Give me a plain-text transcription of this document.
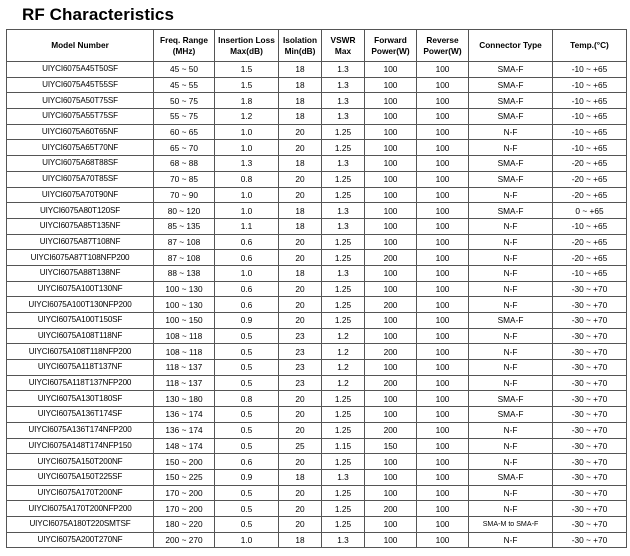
RF Characteristics
Model Number	Freq. Range (MHz)	Insertion Loss Max(dB)	Isolation Min(dB)	VSWR Max	Forward Power(W)	Reverse Power(W)	Connector Type	Temp.(°C)
UIYCI6075A45T50SF	45 ~ 50	1.5	18	1.3	100	100	SMA-F	-10 ~ +65
UIYCI6075A45T55SF	45 ~ 55	1.5	18	1.3	100	100	SMA-F	-10 ~ +65
UIYCI6075A50T75SF	50 ~ 75	1.8	18	1.3	100	100	SMA-F	-10 ~ +65
UIYCI6075A55T75SF	55 ~ 75	1.2	18	1.3	100	100	SMA-F	-10 ~ +65
UIYCI6075A60T65NF	60 ~ 65	1.0	20	1.25	100	100	N-F	-10 ~ +65
UIYCI6075A65T70NF	65 ~ 70	1.0	20	1.25	100	100	N-F	-10 ~ +65
UIYCI6075A68T88SF	68 ~ 88	1.3	18	1.3	100	100	SMA-F	-20 ~ +65
UIYCI6075A70T85SF	70 ~ 85	0.8	20	1.25	100	100	SMA-F	-20 ~ +65
UIYCI6075A70T90NF	70 ~ 90	1.0	20	1.25	100	100	N-F	-20 ~ +65
UIYCI6075A80T120SF	80 ~ 120	1.0	18	1.3	100	100	SMA-F	0 ~ +65
UIYCI6075A85T135NF	85 ~ 135	1.1	18	1.3	100	100	N-F	-10 ~ +65
UIYCI6075A87T108NF	87 ~ 108	0.6	20	1.25	100	100	N-F	-20 ~ +65
UIYCI6075A87T108NFP200	87 ~ 108	0.6	20	1.25	200	100	N-F	-20 ~ +65
UIYCI6075A88T138NF	88 ~ 138	1.0	18	1.3	100	100	N-F	-10 ~ +65
UIYCI6075A100T130NF	100 ~ 130	0.6	20	1.25	100	100	N-F	-30 ~ +70
UIYCI6075A100T130NFP200	100 ~ 130	0.6	20	1.25	200	100	N-F	-30 ~ +70
UIYCI6075A100T150SF	100 ~ 150	0.9	20	1.25	100	100	SMA-F	-30 ~ +70
UIYCI6075A108T118NF	108 ~ 118	0.5	23	1.2	100	100	N-F	-30 ~ +70
UIYCI6075A108T118NFP200	108 ~ 118	0.5	23	1.2	200	100	N-F	-30 ~ +70
UIYCI6075A118T137NF	118 ~ 137	0.5	23	1.2	100	100	N-F	-30 ~ +70
UIYCI6075A118T137NFP200	118 ~ 137	0.5	23	1.2	200	100	N-F	-30 ~ +70
UIYCI6075A130T180SF	130 ~ 180	0.8	20	1.25	100	100	SMA-F	-30 ~ +70
UIYCI6075A136T174SF	136 ~ 174	0.5	20	1.25	100	100	SMA-F	-30 ~ +70
UIYCI6075A136T174NFP200	136 ~ 174	0.5	20	1.25	200	100	N-F	-30 ~ +70
UIYCI6075A148T174NFP150	148 ~ 174	0.5	25	1.15	150	100	N-F	-30 ~ +70
UIYCI6075A150T200NF	150 ~ 200	0.6	20	1.25	100	100	N-F	-30 ~ +70
UIYCI6075A150T225SF	150 ~ 225	0.9	18	1.3	100	100	SMA-F	-30 ~ +70
UIYCI6075A170T200NF	170 ~ 200	0.5	20	1.25	100	100	N-F	-30 ~ +70
UIYCI6075A170T200NFP200	170 ~ 200	0.5	20	1.25	200	100	N-F	-30 ~ +70
UIYCI6075A180T220SMTSF	180 ~ 220	0.5	20	1.25	100	100	SMA-M to SMA-F	-30 ~ +70
UIYCI6075A200T270NF	200 ~ 270	1.0	18	1.3	100	100	N-F	-30 ~ +70
